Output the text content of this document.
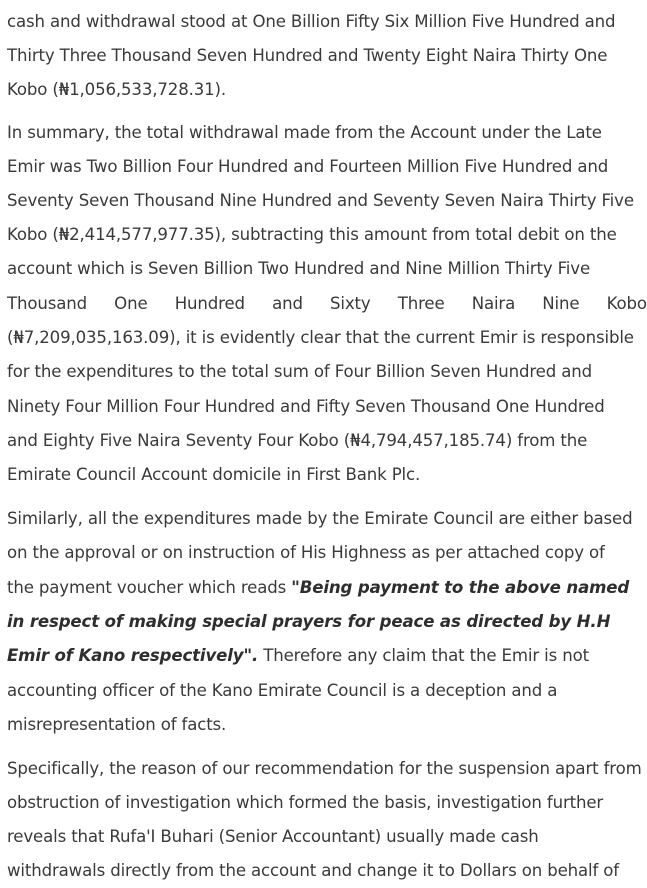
cash and withdrawal stood at One Billion Fifty Six Million Five Hundred and
Thirty Three Thousand Seven Hundred and Twenty Eight Naira Thirty One
Kobo (₦1,056,533,728.31).
In summary, the total withdrawal made from the Account under the Late
Emir was Two Billion Four Hundred and Fourteen Million Five Hundred and
Seventy Seven Thousand Nine Hundred and Seventy Seven Naira Thirty Five
Kobo (₦2,414,577,977.35), subtracting this amount from total debit on the
account which is Seven Billion Two Hundred and Nine Million Thirty Five
Thousand One Hundred and Sixty Three Naira Nine Kobo
(₦7,209,035,163.09), it is evidently clear that the current Emir is responsible
for the expenditures to the total sum of Four Billion Seven Hundred and
Ninety Four Million Four Hundred and Fifty Seven Thousand One Hundred
and Eighty Five Naira Seventy Four Kobo (₦4,794,457,185.74) from the
Emirate Council Account domicile in First Bank Plc.
Similarly, all the expenditures made by the Emirate Council are either based
on the approval or on instruction of His Highness as per attached copy of
the payment voucher which reads "Being payment to the above named
in respect of making special prayers for peace as directed by H.H
Emir of Kano respectively". Therefore any claim that the Emir is not
accounting officer of the Kano Emirate Council is a deception and a
misrepresentation of facts.
Specifically, the reason of our recommendation for the suspension apart from
obstruction of investigation which formed the basis, investigation further
reveals that Rufa'I Buhari (Senior Accountant) usually made cash
withdrawals directly from the account and change it to Dollars on behalf of
